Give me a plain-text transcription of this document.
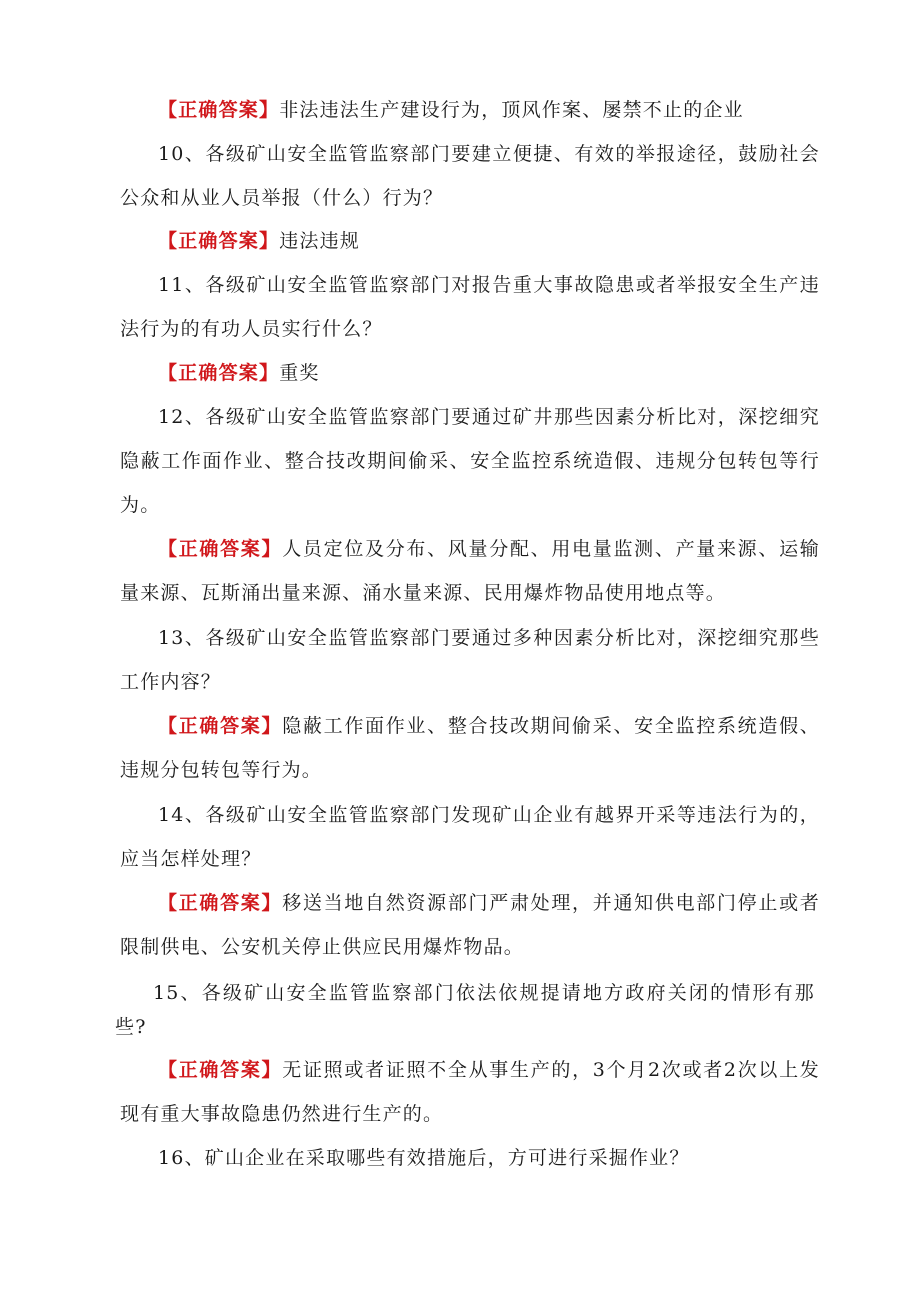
【正确答案】非法违法生产建设行为，顶风作案、屡禁不止的企业

10、各级矿山安全监管监察部门要建立便捷、有效的举报途径，鼓励社会公众和从业人员举报（什么）行为？

【正确答案】违法违规

11、各级矿山安全监管监察部门对报告重大事故隐患或者举报安全生产违法行为的有功人员实行什么？

【正确答案】重奖

12、各级矿山安全监管监察部门要通过矿井那些因素分析比对，深挖细究隐蔽工作面作业、整合技改期间偷采、安全监控系统造假、违规分包转包等行为。

【正确答案】人员定位及分布、风量分配、用电量监测、产量来源、运输量来源、瓦斯涌出量来源、涌水量来源、民用爆炸物品使用地点等。

13、各级矿山安全监管监察部门要通过多种因素分析比对，深挖细究那些工作内容？

【正确答案】隐蔽工作面作业、整合技改期间偷采、安全监控系统造假、违规分包转包等行为。

14、各级矿山安全监管监察部门发现矿山企业有越界开采等违法行为的，应当怎样处理？

【正确答案】移送当地自然资源部门严肃处理，并通知供电部门停止或者限制供电、公安机关停止供应民用爆炸物品。

15、各级矿山安全监管监察部门依法依规提请地方政府关闭的情形有那些?

【正确答案】无证照或者证照不全从事生产的，3个月2次或者2次以上发现有重大事故隐患仍然进行生产的。

16、矿山企业在采取哪些有效措施后，方可进行采掘作业？
